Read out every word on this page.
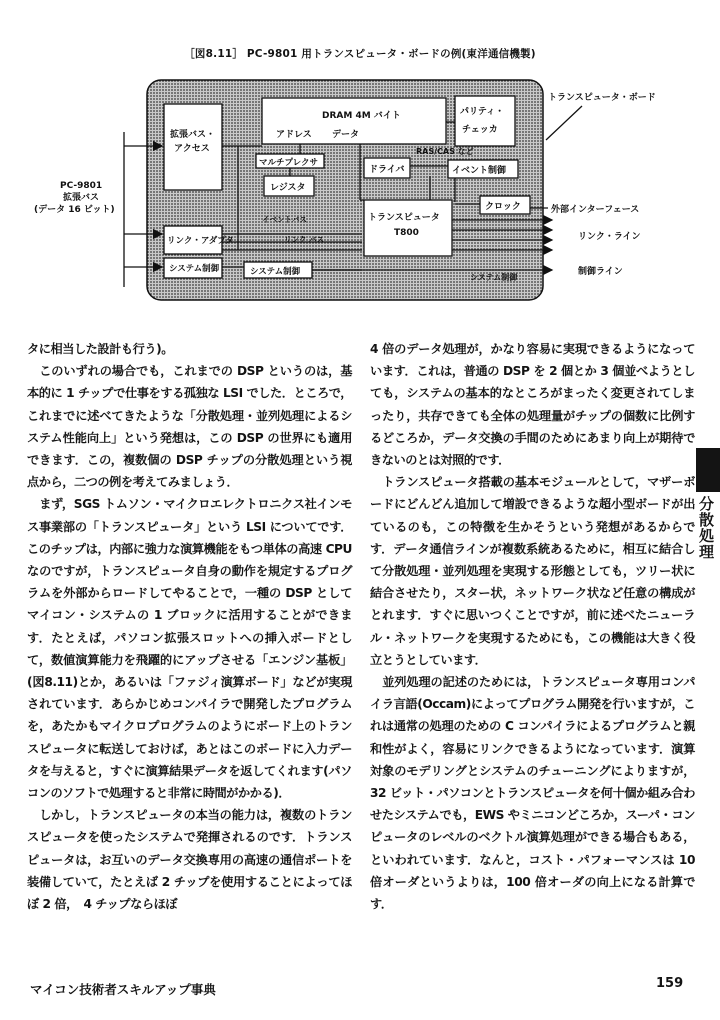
［図8.11］ PC-9801 用トランスピュータ・ボードの例(東洋通信機製)
トランスピュータ・ボード
PC-9801
拡張バス
(データ 16 ビット)
拡張バス・
アクセス
DRAM 4M バイト
アドレス データ
パリティ・
チェッカ
マルチプレクサ
RAS/CAS など
レジスタ
ドライバ	イベント制御
トランスピュータ
T800
クロック	外部インターフェース
リンク・アダプタ
システム制御	システム制御
リンク・ライン
制御ライン
イベントバス
リンク バス
システム制御

タに相当した設計も行う)。

このいずれの場合でも，これまでの DSP というのは，基本的に 1 チップで仕事をする孤独な LSI でした．ところで，これまでに述べてきたような「分散処理・並列処理によるシステム性能向上」という発想は，この DSP の世界にも適用できます．この，複数個の DSP チップの分散処理という視点から，二つの例を考えてみましょう．

まず，SGS トムソン・マイクロエレクトロニクス社インモス事業部の「トランスピュータ」という LSI についてです．このチップは，内部に強力な演算機能をもつ単体の高速 CPU なのですが，トランスピュータ自身の動作を規定するプログラムを外部からロードしてやることで，一種の DSP としてマイコン・システムの 1 ブロックに活用することができます．たとえば，パソコン拡張スロットへの挿入ボードとして，数値演算能力を飛躍的にアップさせる「エンジン基板」(図8.11)とか，あるいは「ファジィ演算ボード」などが実現されています．あらかじめコンパイラで開発したプログラムを，あたかもマイクロプログラムのようにボード上のトランスピュータに転送しておけば，あとはこのボードに入力データを与えると，すぐに演算結果データを返してくれます(パソコンのソフトで処理すると非常に時間がかかる)．

しかし，トランスピュータの本当の能力は，複数のトランスピュータを使ったシステムで発揮されるのです．トランスピュータは，お互いのデータ交換専用の高速の通信ポートを装備していて，たとえば 2 チップを使用することによってほぼ 2 倍，　4 チップならほぼ

4 倍のデータ処理が，かなり容易に実現できるようになっています．これは，普通の DSP を 2 個とか 3 個並べようとしても，システムの基本的なところがまったく変更されてしまったり，共存できても全体の処理量がチップの個数に比例するどころか，データ交換の手間のためにあまり向上が期待できないのとは対照的です．

トランスピュータ搭載の基本モジュールとして，マザーボードにどんどん追加して増設できるような超小型ボードが出ているのも，この特徴を生かそうという発想があるからです．データ通信ラインが複数系統あるために，相互に結合して分散処理・並列処理を実現する形態としても，ツリー状に結合させたり，スター状，ネットワーク状など任意の構成がとれます．すぐに思いつくことですが，前に述べたニューラル・ネットワークを実現するためにも，この機能は大きく役立とうとしています．

並列処理の記述のためには，トランスピュータ専用コンパイラ言語(Occam)によってプログラム開発を行いますが，これは通常の処理のための C コンパイラによるプログラムと親和性がよく，容易にリンクできるようになっています．演算対象のモデリングとシステムのチューニングによりますが，32 ビット・パソコンとトランスピュータを何十個か組み合わせたシステムでも，EWS やミニコンどころか，スーパ・コンピュータのレベルのベクトル演算処理ができる場合もある，といわれています．なんと，コスト・パフォーマンスは 10 倍オーダというよりは，100 倍オーダの向上になる計算です．

分散処理
マイコン技術者スキルアップ事典	159
